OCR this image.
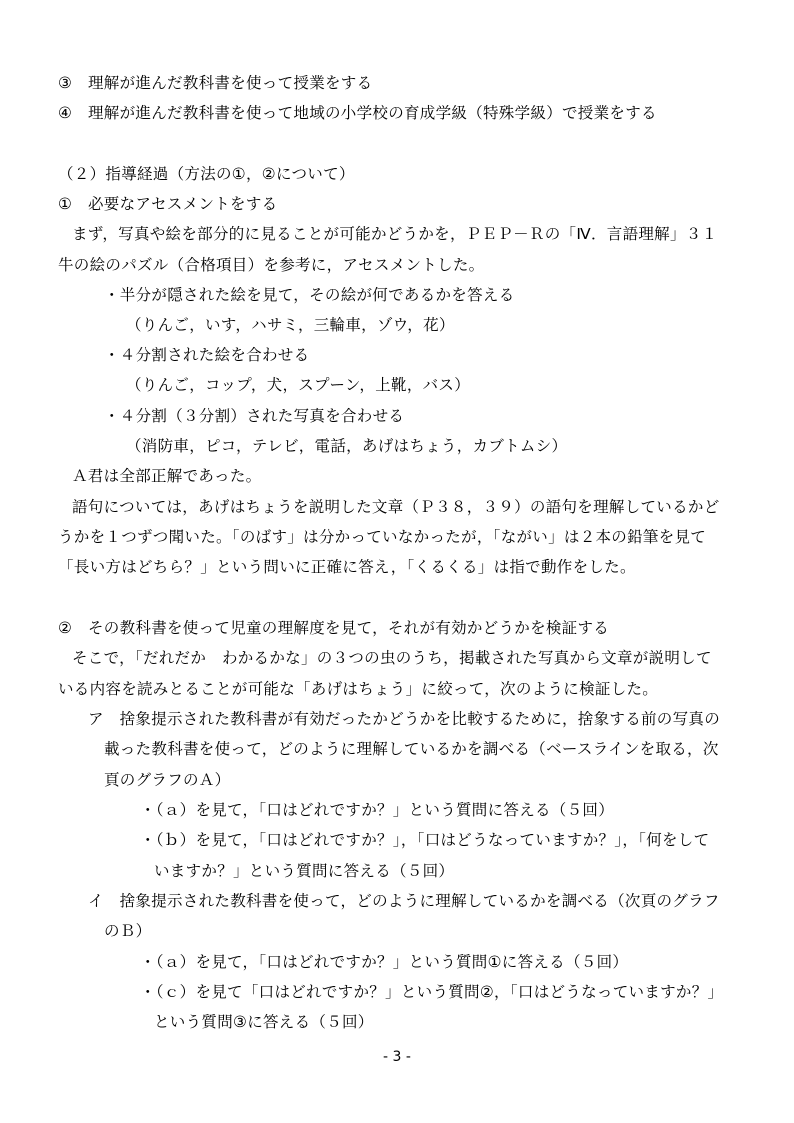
③　理解が進んだ教科書を使って授業をする
④　理解が進んだ教科書を使って地域の小学校の育成学級（特殊学級）で授業をする
（２）指導経過（方法の①，②について）
①　必要なアセスメントをする
まず，写真や絵を部分的に見ることが可能かどうかを，ＰＥＰ－Ｒの「Ⅳ．言語理解」３１
牛の絵のパズル（合格項目）を参考に，アセスメントした。
・半分が隠された絵を見て，その絵が何であるかを答える
（りんご，いす，ハサミ，三輪車，ゾウ，花）
・４分割された絵を合わせる
（りんご，コップ，犬，スプーン，上靴，バス）
・４分割（３分割）された写真を合わせる
（消防車，ピコ，テレビ，電話，あげはちょう，カブトムシ）
Ａ君は全部正解であった。
語句については，あげはちょうを説明した文章（Ｐ３８，３９）の語句を理解しているかど
うかを１つずつ聞いた。「のばす」は分かっていなかったが，「ながい」は２本の鉛筆を見て
「長い方はどちら？」という問いに正確に答え，「くるくる」は指で動作をした。
②　その教科書を使って児童の理解度を見て，それが有効かどうかを検証する
そこで，「だれだか　わかるかな」の３つの虫のうち，掲載された写真から文章が説明して
いる内容を読みとることが可能な「あげはちょう」に絞って，次のように検証した。
ア　捨象提示された教科書が有効だったかどうかを比較するために，捨象する前の写真の
載った教科書を使って，どのように理解しているかを調べる（ベースラインを取る，次
頁のグラフのＡ）
・（ａ）を見て，「口はどれですか？」という質問に答える（５回）
・（ｂ）を見て，「口はどれですか？」，「口はどうなっていますか？」，「何をして
いますか？」という質問に答える（５回）
イ　捨象提示された教科書を使って，どのように理解しているかを調べる（次頁のグラフ
のＢ）
・（ａ）を見て，「口はどれですか？」という質問①に答える（５回）
・（ｃ）を見て「口はどれですか？」という質問②，「口はどうなっていますか？」
という質問③に答える（５回）
- 3 -
